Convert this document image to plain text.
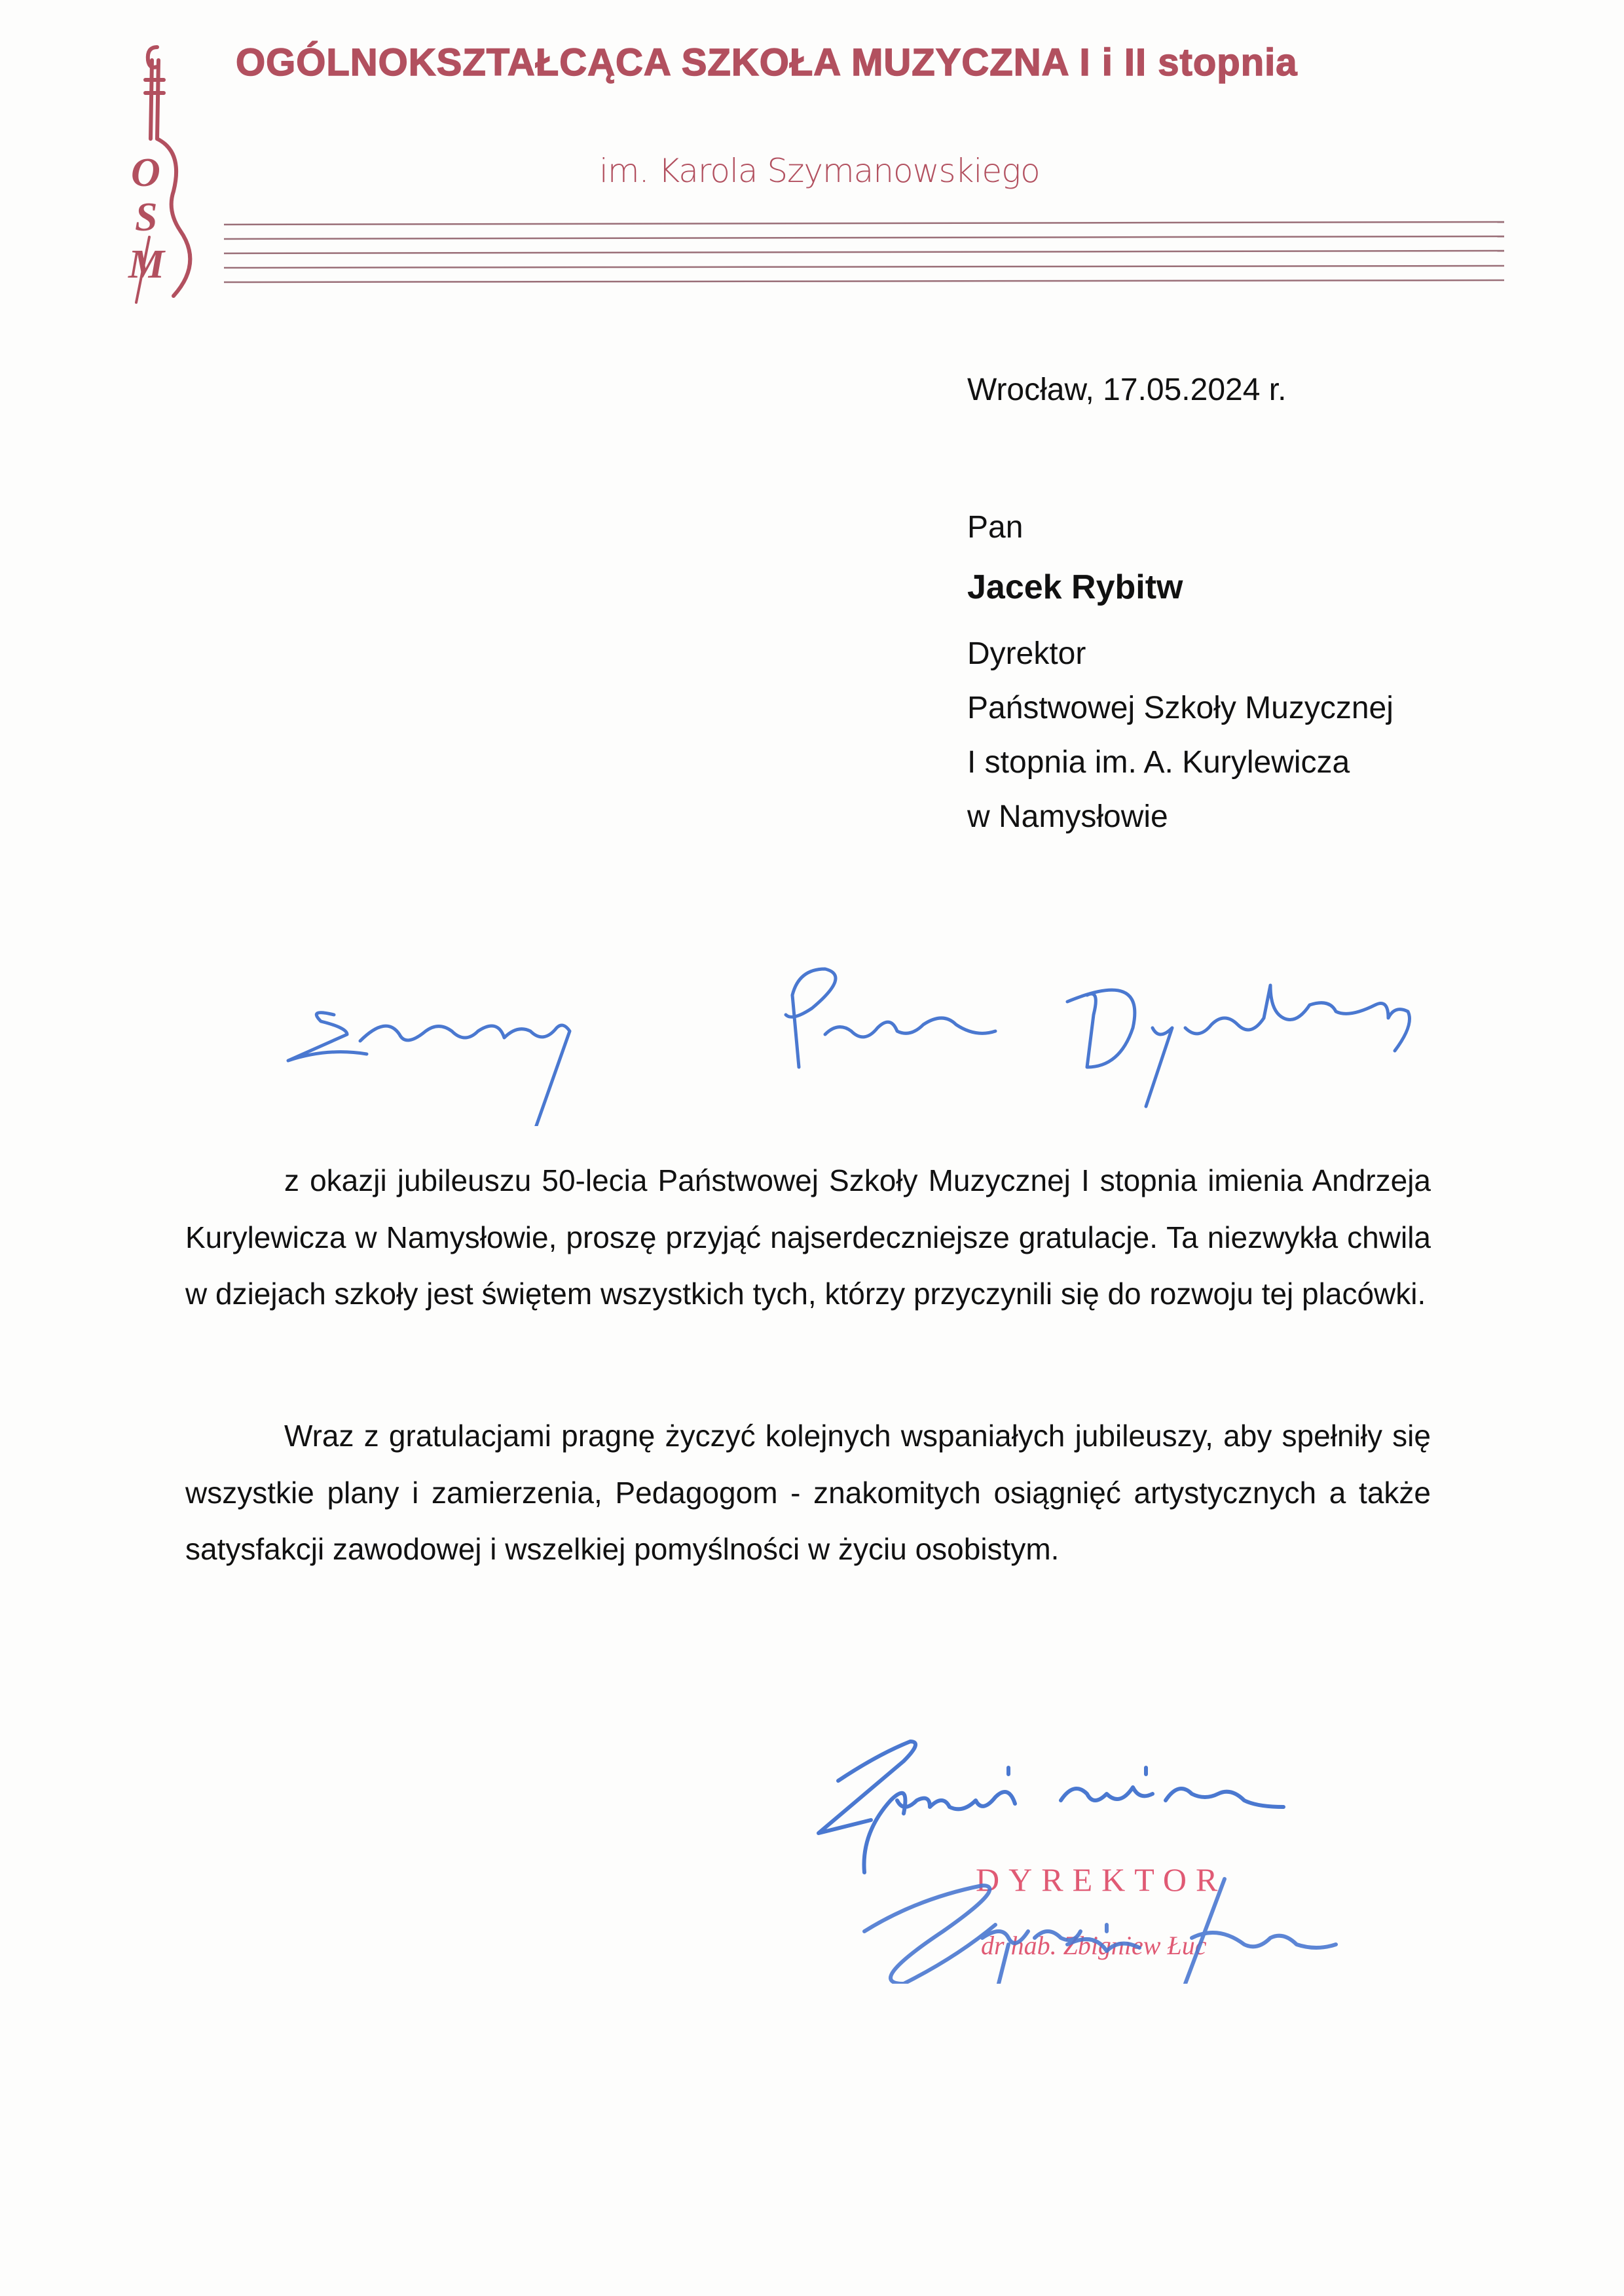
O
S
M
OGÓLNOKSZTAŁCĄCA SZKOŁA MUZYCZNA I i II stopnia
im. Karola Szymanowskiego
Wrocław, 17.05.2024 r.
Pan
Jacek Rybitw
Dyrektor
Państwowej Szkoły Muzycznej
I stopnia im. A. Kurylewicza
w Namysłowie

z okazji jubileuszu 50-lecia Państwowej Szkoły Muzycznej I stopnia imienia Andrzeja Kurylewicza w Namysłowie, proszę przyjąć najserdeczniejsze gratulacje. Ta niezwykła chwila w dziejach szkoły jest świętem wszystkich tych, którzy przyczynili się do rozwoju tej placówki.

Wraz z gratulacjami pragnę życzyć kolejnych wspaniałych jubileuszy, aby spełniły się wszystkie plany i zamierzenia, Pedagogom - znakomitych osiągnięć artystycznych a także satysfakcji zawodowej i wszelkiej pomyślności w życiu osobistym.

DYREKTOR
dr hab. Zbigniew Łuc
